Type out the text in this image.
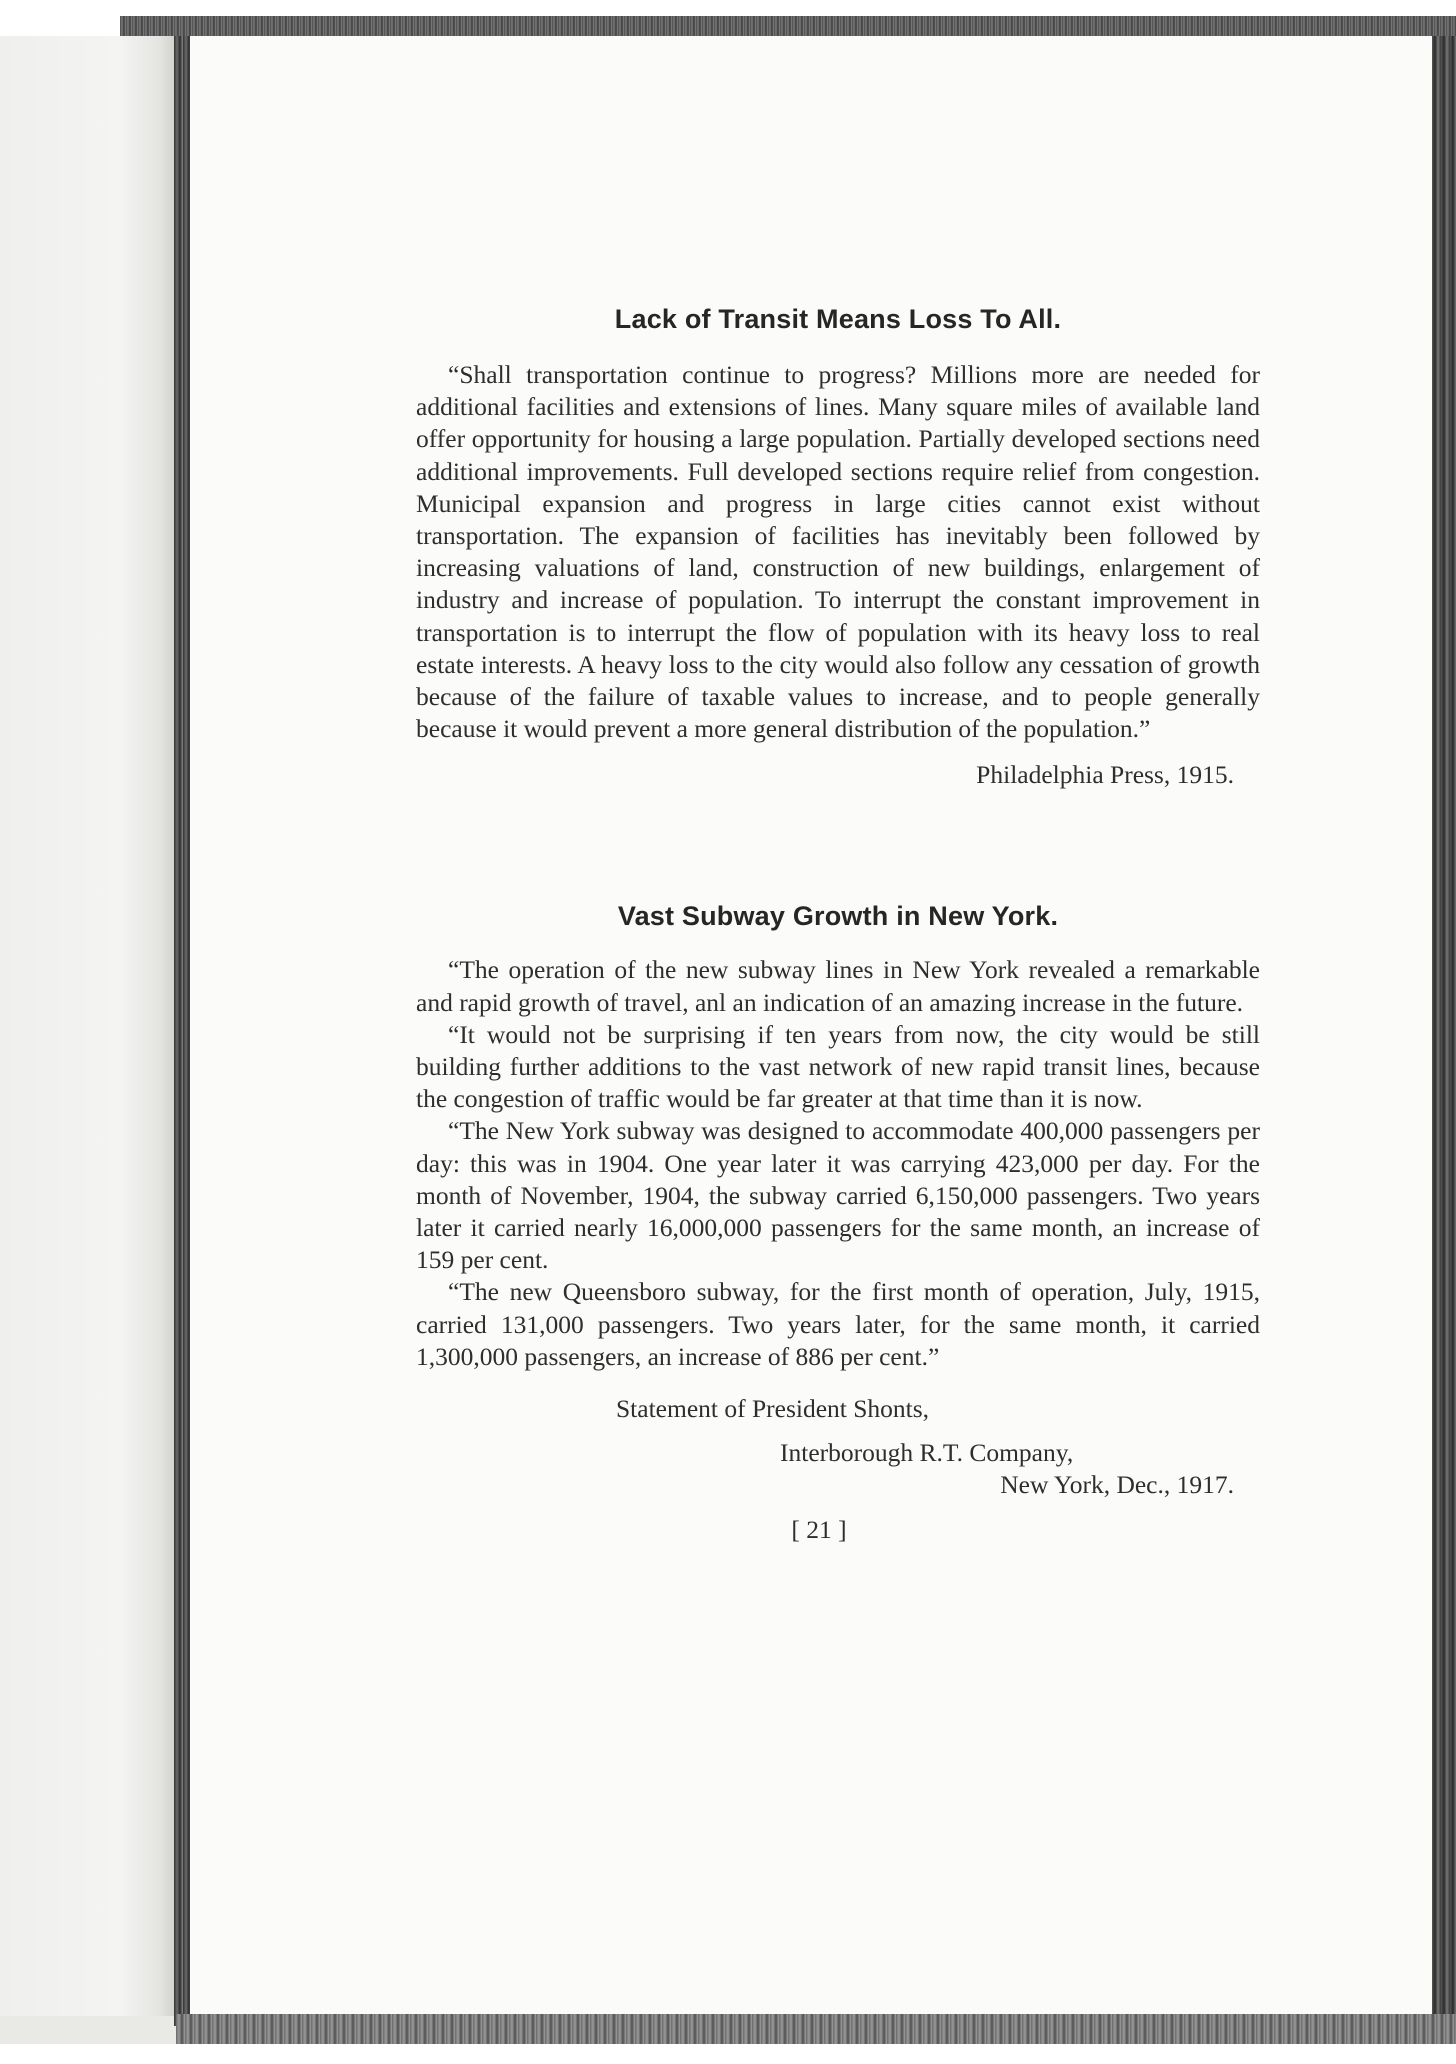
Lack of Transit Means Loss To All.

“Shall transportation continue to progress? Millions more are needed for additional facilities and extensions of lines. Many square miles of available land offer opportunity for housing a large population. Partially developed sections need additional improvements. Full developed sections require relief from congestion. Municipal expansion and progress in large cities cannot exist without transportation. The expansion of facilities has inevitably been followed by increasing valuations of land, construction of new buildings, enlargement of industry and increase of population. To interrupt the constant improvement in transportation is to interrupt the flow of population with its heavy loss to real estate interests. A heavy loss to the city would also follow any cessation of growth because of the failure of taxable values to increase, and to people generally because it would prevent a more general distribution of the population.”

Philadelphia Press, 1915.

Vast Subway Growth in New York.

“The operation of the new subway lines in New York revealed a remarkable and rapid growth of travel, anl an indication of an amazing increase in the future.

“It would not be surprising if ten years from now, the city would be still building further additions to the vast network of new rapid transit lines, because the congestion of traffic would be far greater at that time than it is now.

“The New York subway was designed to accommodate 400,000 passengers per day: this was in 1904. One year later it was carrying 423,000 per day. For the month of November, 1904, the subway carried 6,150,000 passengers. Two years later it carried nearly 16,000,000 passengers for the same month, an increase of 159 per cent.

“The new Queensboro subway, for the first month of operation, July, 1915, carried 131,000 passengers. Two years later, for the same month, it carried 1,300,000 passengers, an increase of 886 per cent.”

Statement of President Shonts,

Interborough R.T. Company,

New York, Dec., 1917.

[ 21 ]
